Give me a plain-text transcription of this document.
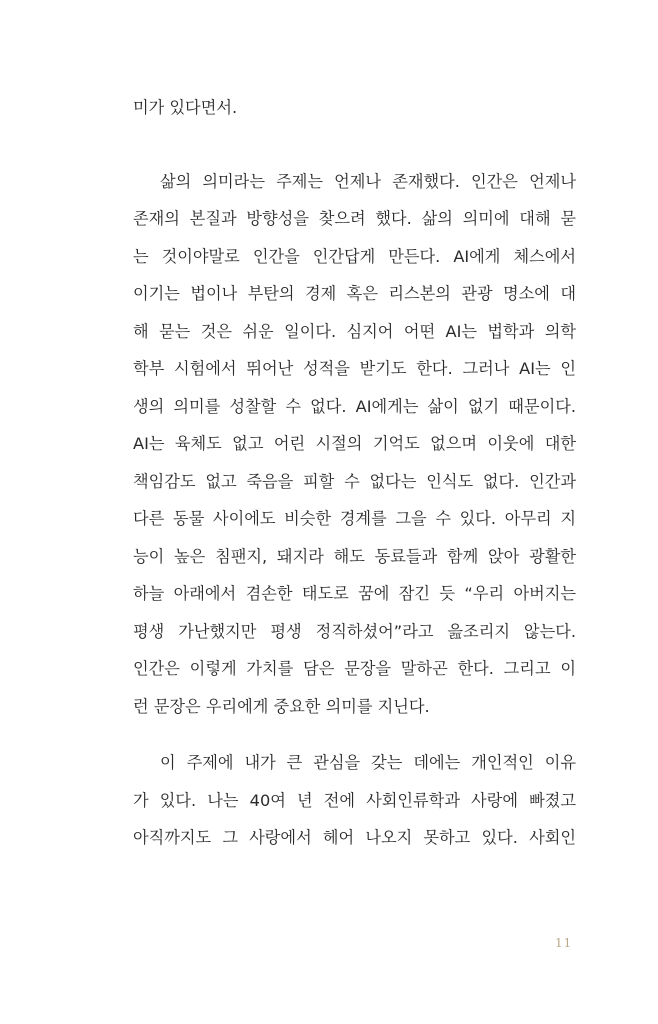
미가 있다면서.
삶의 의미라는 주제는 언제나 존재했다. 인간은 언제나
존재의 본질과 방향성을 찾으려 했다. 삶의 의미에 대해 묻
는 것이야말로 인간을 인간답게 만든다. AI에게 체스에서
이기는 법이나 부탄의 경제 혹은 리스본의 관광 명소에 대
해 묻는 것은 쉬운 일이다. 심지어 어떤 AI는 법학과 의학
학부 시험에서 뛰어난 성적을 받기도 한다. 그러나 AI는 인
생의 의미를 성찰할 수 없다. AI에게는 삶이 없기 때문이다.
AI는 육체도 없고 어린 시절의 기억도 없으며 이웃에 대한
책임감도 없고 죽음을 피할 수 없다는 인식도 없다. 인간과
다른 동물 사이에도 비슷한 경계를 그을 수 있다. 아무리 지
능이 높은 침팬지, 돼지라 해도 동료들과 함께 앉아 광활한
하늘 아래에서 겸손한 태도로 꿈에 잠긴 듯 “우리 아버지는
평생 가난했지만 평생 정직하셨어”라고 읊조리지 않는다.
인간은 이렇게 가치를 담은 문장을 말하곤 한다. 그리고 이
런 문장은 우리에게 중요한 의미를 지닌다.
이 주제에 내가 큰 관심을 갖는 데에는 개인적인 이유
가 있다. 나는 40여 년 전에 사회인류학과 사랑에 빠졌고
아직까지도 그 사랑에서 헤어 나오지 못하고 있다. 사회인
11
